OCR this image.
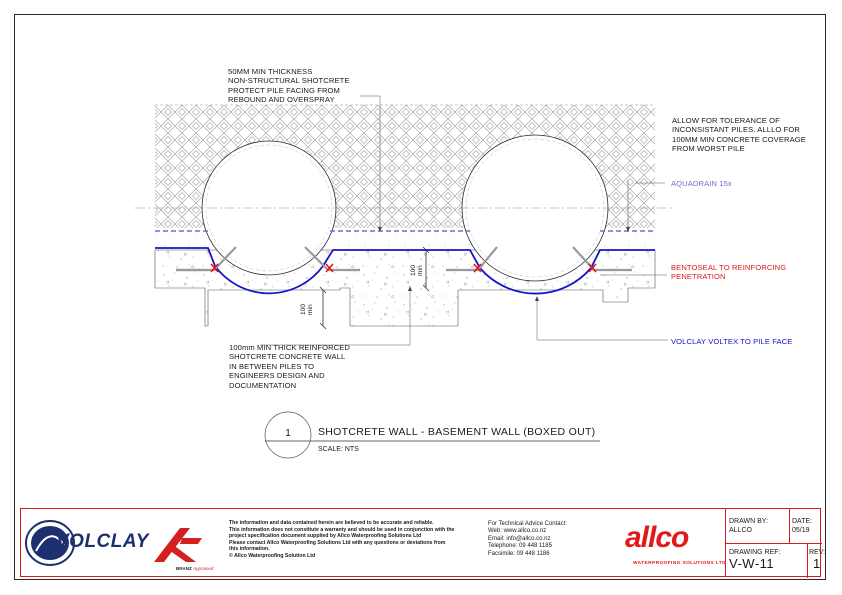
50MM MIN THICKNESS
NON-STRUCTURAL SHOTCRETE
PROTECT PILE FACING FROM
REBOUND AND OVERSPRAY
ALLOW FOR TOLERANCE OF
INCONSISTANT PILES. ALLLO FOR
100MM MIN CONCRETE COVERAGE
FROM WORST PILE
AQUADRAIN 15x
BENTOSEAL TO REINFORCING
PENETRATION
VOLCLAY VOLTEX TO PILE FACE
100mm MIN THICK REINFORCED
SHOTCRETE CONCRETE WALL
IN BETWEEN PILES TO
ENGINEERS DESIGN AND
DOCUMENTATION
100
min
100
min
1	SHOTCRETE WALL - BASEMENT WALL (BOXED OUT)
SCALE: NTS
VOLCLAY
BRANZ Appraised
The information and data contained herein are believed to be accurate and reliable.
This information does not constitute a warranty and should be used in conjunction with the
project specification document supplied by Allco Waterproofing Solutions Ltd
Please contact Allco Waterproofing Solutions Ltd with any questions or deviations from
this information.
© Allco Waterproofing Solution Ltd
For Technical Advice Contact:
Web: www.allco.co.nz
Email: info@allco.co.nz
Telephone: 09 448 1185
Facsimile: 09 448 1186	allco
WATERPROOFING SOLUTIONS LTD
DRAWN BY:
ALLCO
DATE:
05/19
DRAWING REF:
V-W-11
REV:
1
